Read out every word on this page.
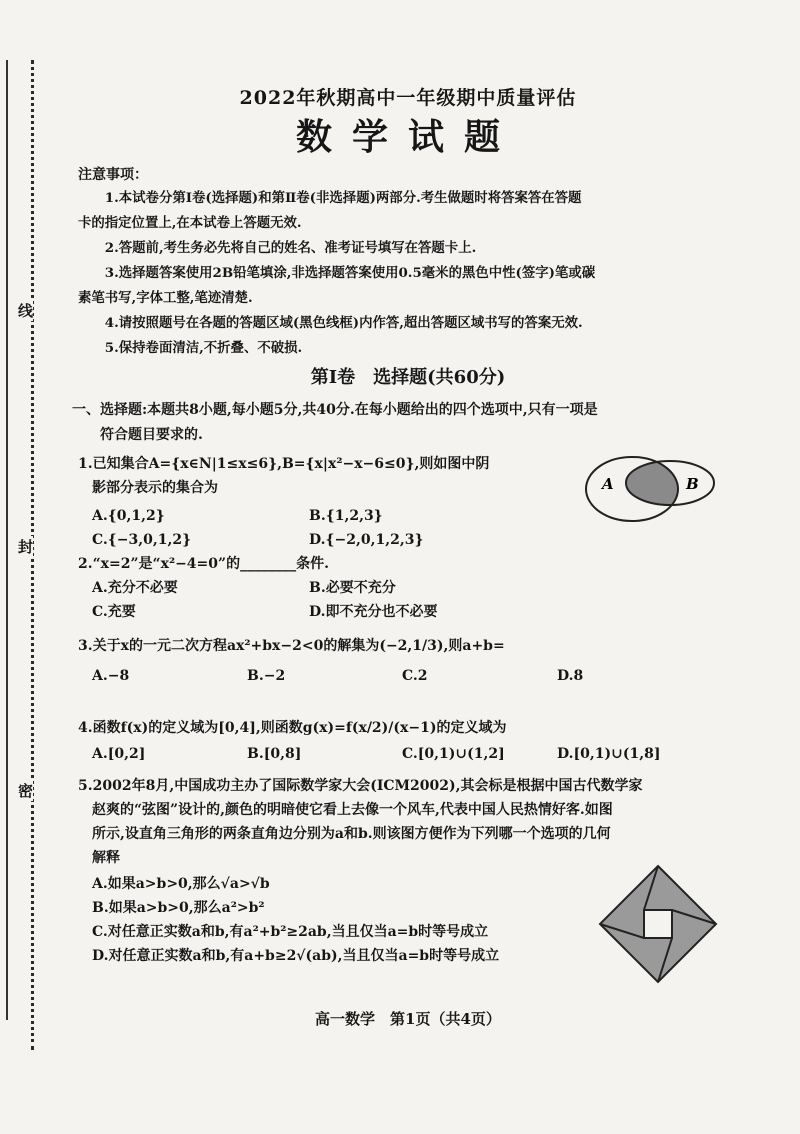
线
封
密
2022年秋期高中一年级期中质量评估
数学试题
注意事项：

1.本试卷分第Ⅰ卷(选择题)和第Ⅱ卷(非选择题)两部分.考生做题时将答案答在答题

卡的指定位置上,在本试卷上答题无效.

2.答题前,考生务必先将自己的姓名、准考证号填写在答题卡上.

3.选择题答案使用2B铅笔填涂,非选择题答案使用0.5毫米的黑色中性(签字)笔或碳

素笔书写,字体工整,笔迹清楚.

4.请按照题号在各题的答题区域(黑色线框)内作答,超出答题区域书写的答案无效.

5.保持卷面清洁,不折叠、不破损.

第Ⅰ卷　选择题(共60分)
一、选择题:本题共8小题,每小题5分,共40分.在每小题给出的四个选项中,只有一项是
符合题目要求的.
1.已知集合A={x∈N|1≤x≤6},B={x|x²−x−6≤0},则如图中阴
影部分表示的集合为
A.{0,1,2}	B.{1,2,3}
C.{−3,0,1,2}	D.{−2,0,1,2,3}
A	B
2.“x=2”是“x²−4=0”的________条件.
A.充分不必要	B.必要不充分
C.充要	D.即不充分也不必要
3.关于x的一元二次方程ax²+bx−2<0的解集为(−2,1/3),则a+b=
A.−8	B.−2	C.2	D.8
4.函数f(x)的定义域为[0,4],则函数g(x)=f(x/2)/(x−1)的定义域为
A.[0,2]	B.[0,8]	C.[0,1)∪(1,2]	D.[0,1)∪(1,8]
5.2002年8月,中国成功主办了国际数学家大会(ICM2002),其会标是根据中国古代数学家
赵爽的“弦图”设计的,颜色的明暗使它看上去像一个风车,代表中国人民热情好客.如图
所示,设直角三角形的两条直角边分别为a和b.则该图方便作为下列哪一个选项的几何
解释
A.如果a>b>0,那么√a>√b
B.如果a>b>0,那么a²>b²
C.对任意正实数a和b,有a²+b²≥2ab,当且仅当a=b时等号成立
D.对任意正实数a和b,有a+b≥2√(ab),当且仅当a=b时等号成立
高一数学　第1页（共4页）
